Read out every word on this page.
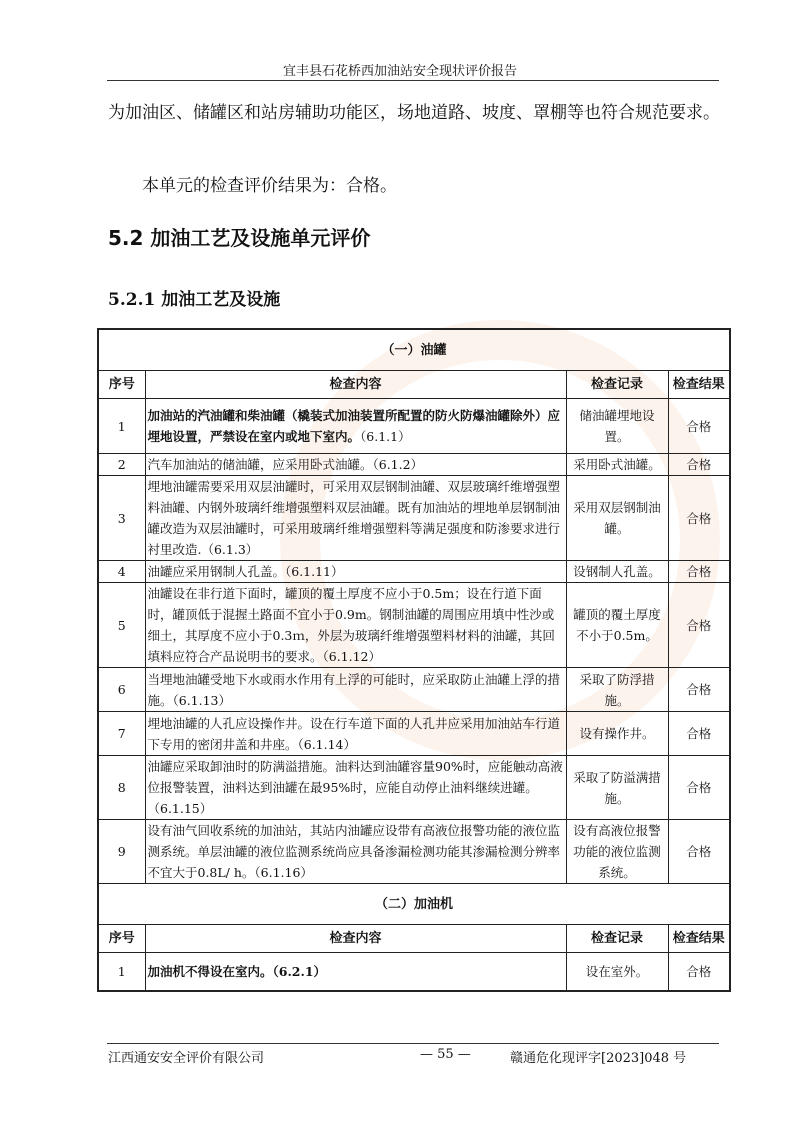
宜丰县石花桥西加油站安全现状评价报告
为加油区、储罐区和站房辅助功能区，场地道路、坡度、罩棚等也符合规范要求。
本单元的检查评价结果为：合格。
5.2 加油工艺及设施单元评价
5.2.1 加油工艺及设施
（一）油罐			
序号	检查内容	检查记录	检查结果
1	加油站的汽油罐和柴油罐（橇装式加油装置所配置的防火防爆油罐除外）应埋地设置，严禁设在室内或地下室内。（6.1.1）	储油罐埋地设置。	合格
2	汽车加油站的储油罐，应采用卧式油罐。（6.1.2）	采用卧式油罐。	合格
3	埋地油罐需要采用双层油罐时，可采用双层钢制油罐、双层玻璃纤维增强塑料油罐、内钢外玻璃纤维增强塑料双层油罐。既有加油站的埋地单层钢制油罐改造为双层油罐时，可采用玻璃纤维增强塑料等满足强度和防渗要求进行衬里改造.（6.1.3）	采用双层钢制油罐。	合格
4	油罐应采用钢制人孔盖。（6.1.11）	设钢制人孔盖。	合格
5	油罐设在非行道下面时，罐顶的覆土厚度不应小于0.5m；设在行道下面时，罐顶低于混握土路面不宜小于0.9m。钢制油罐的周围应用填中性沙或细土，其厚度不应小于0.3ｍ，外层为玻璃纤维增强塑料材料的油罐，其回填料应符合产品说明书的要求。（6.1.12）	罐顶的覆土厚度不小于0.5m。	合格
6	当埋地油罐受地下水或雨水作用有上浮的可能时，应采取防止油罐上浮的措施。（6.1.13）	采取了防浮措施。	合格
7	埋地油罐的人孔应设操作井。设在行车道下面的人孔井应采用加油站车行道下专用的密闭井盖和井座。（6.1.14）	设有操作井。	合格
8	油罐应采取卸油时的防满溢措施。油料达到油罐容量90%时，应能触动高液位报警装置，油料达到油罐在最95%时，应能自动停止油料继续进罐。（6.1.15）	采取了防溢满措施。	合格
9	设有油气回收系统的加油站，其站内油罐应设带有高液位报警功能的液位监测系统。单层油罐的液位监测系统尚应具备渗漏检测功能其渗漏检测分辨率不宜大于0.8L/ h。（6.1.16）	设有高液位报警功能的液位监测系统。	合格
（二）加油机			
序号	检查内容	检查记录	检查结果
1	加油机不得设在室内。（6.2.1）	设在室外。	合格
江西通安安全评价有限公司	— 55 —	赣通危化现评字[2023]048 号
